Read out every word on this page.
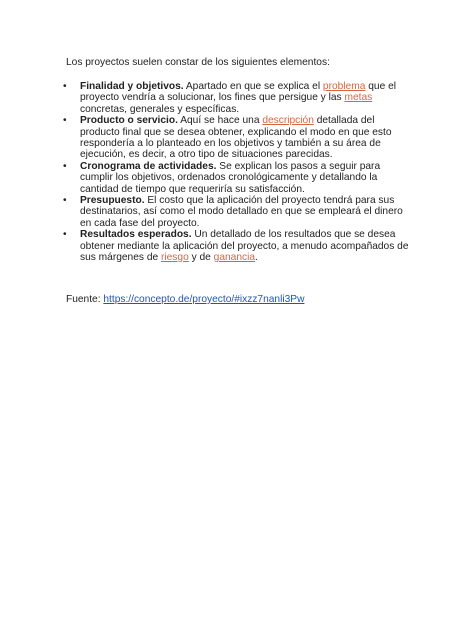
Los proyectos suelen constar de los siguientes elementos:
• Finalidad y objetivos. Apartado en que se explica el problema que el proyecto vendría a solucionar, los fines que persigue y las metas concretas, generales y específicas.
• Producto o servicio. Aquí se hace una descripción detallada del producto final que se desea obtener, explicando el modo en que esto respondería a lo planteado en los objetivos y también a su área de ejecución, es decir, a otro tipo de situaciones parecidas.
• Cronograma de actividades. Se explican los pasos a seguir para cumplir los objetivos, ordenados cronológicamente y detallando la cantidad de tiempo que requeriría su satisfacción.
• Presupuesto. El costo que la aplicación del proyecto tendrá para sus destinatarios, así como el modo detallado en que se empleará el dinero en cada fase del proyecto.
• Resultados esperados. Un detallado de los resultados que se desea obtener mediante la aplicación del proyecto, a menudo acompañados de sus márgenes de riesgo y de ganancia.
Fuente: https://concepto.de/proyecto/#ixzz7nanli3Pw
